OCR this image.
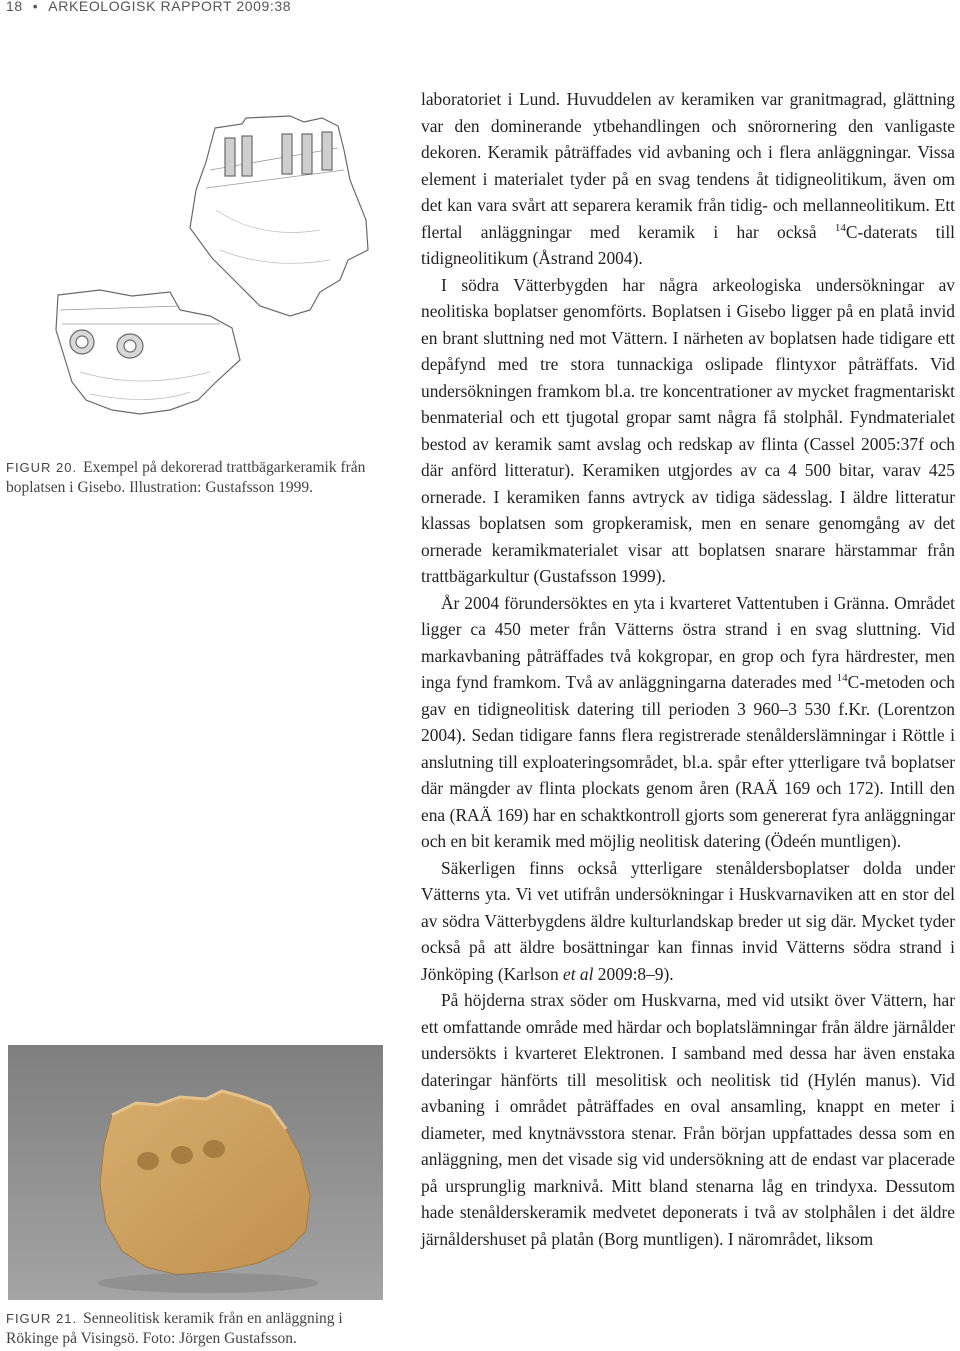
18 • ARKEOLOGISK RAPPORT 2009:38
FIGUR 20. Exempel på dekorerad trattbägarkeramik från boplatsen i Gisebo. Illustration: Gustafsson 1999.
FIGUR 21. Senneolitisk keramik från en anläggning i Rökinge på Visingsö. Foto: Jörgen Gustafsson.

laboratoriet i Lund. Huvuddelen av keramiken var granitmagrad, glättning var den dominerande ytbehandlingen och snörornering den vanligaste dekoren. Keramik påträffades vid avbaning och i flera anläggningar. Vissa element i materialet tyder på en svag tendens åt tidigneolitikum, även om det kan vara svårt att separera keramik från tidig- och mellanneolitikum. Ett flertal anläggningar med keramik i har också $^{14}$C-daterats till tidigneolitikum (Åstrand 2004).

I södra Vätterbygden har några arkeologiska undersökningar av neolitiska boplatser genomförts. Boplatsen i Gisebo ligger på en platå invid en brant sluttning ned mot Vättern. I närheten av boplatsen hade tidigare ett depåfynd med tre stora tunnackiga oslipade flintyxor påträffats. Vid undersökningen framkom bl.a. tre koncentrationer av mycket fragmentariskt benmaterial och ett tjugotal gropar samt några få stolphål. Fyndmaterialet bestod av keramik samt avslag och redskap av flinta (Cassel 2005:37f och där anförd litteratur). Keramiken utgjordes av ca 4 500 bitar, varav 425 ornerade. I keramiken fanns avtryck av tidiga sädesslag. I äldre litteratur klassas boplatsen som gropkeramisk, men en senare genomgång av det ornerade keramikmaterialet visar att boplatsen snarare härstammar från trattbägarkultur (Gustafsson 1999).

År 2004 förundersöktes en yta i kvarteret Vattentuben i Gränna. Området ligger ca 450 meter från Vätterns östra strand i en svag sluttning. Vid markavbaning påträffades två kokgropar, en grop och fyra härdrester, men inga fynd framkom. Två av anläggningarna daterades med $^{14}$C-metoden och gav en tidigneolitisk datering till perioden 3 960–3 530 f.Kr. (Lorentzon 2004). Sedan tidigare fanns flera registrerade stenålderslämningar i Röttle i anslutning till exploateringsområdet, bl.a. spår efter ytterligare två boplatser där mängder av flinta plockats genom åren (RAÄ 169 och 172). Intill den ena (RAÄ 169) har en schaktkontroll gjorts som genererat fyra anläggningar och en bit keramik med möjlig neolitisk datering (Ödeén muntligen).

Säkerligen finns också ytterligare stenåldersboplatser dolda under Vätterns yta. Vi vet utifrån undersökningar i Huskvarnaviken att en stor del av södra Vätterbygdens äldre kulturlandskap breder ut sig där. Mycket tyder också på att äldre bosättningar kan finnas invid Vätterns södra strand i Jönköping (Karlson et al 2009:8–9).

På höjderna strax söder om Huskvarna, med vid utsikt över Vättern, har ett omfattande område med härdar och boplatslämningar från äldre järnålder undersökts i kvarteret Elektronen. I samband med dessa har även enstaka dateringar hänförts till mesolitisk och neolitisk tid (Hylén manus). Vid avbaning i området påträffades en oval ansamling, knappt en meter i diameter, med knytnävsstora stenar. Från början uppfattades dessa som en anläggning, men det visade sig vid undersökning att de endast var placerade på ursprunglig marknivå. Mitt bland stenarna låg en trindyxa. Dessutom hade stenålderskeramik medvetet deponerats i två av stolphålen i det äldre järnåldershuset på platån (Borg muntligen). I närområdet, liksom
